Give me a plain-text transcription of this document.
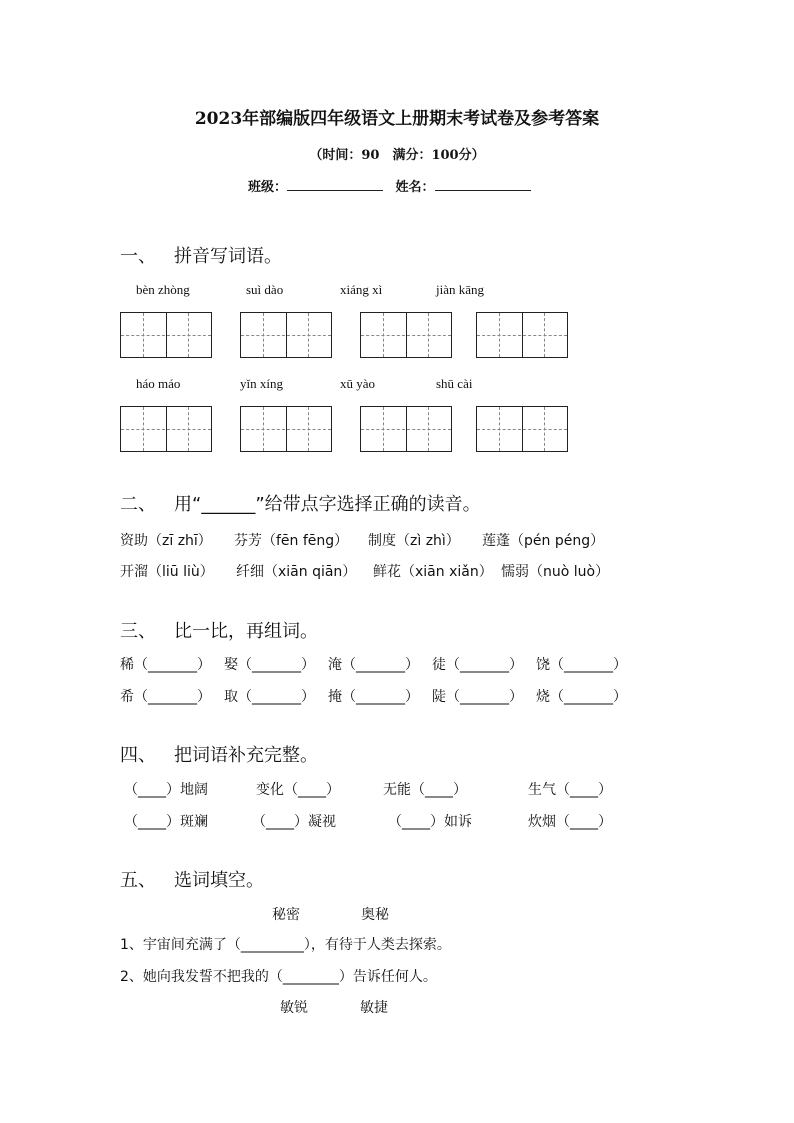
2023年部编版四年级语文上册期末考试卷及参考答案
（时间：90　满分：100分）
班级：	姓名：
一、 拼音写词语。
bèn zhòng	suì dào	xiáng xì	jiàn kāng
háo máo	yǐn xíng	xū yào	shū cài
二、 用“______”给带点字选择正确的读音。
资助（zī zhī） 芬芳（fēn fēng） 制度（zì zhì） 莲蓬（pén péng）
开溜（liū liù） 纤细（xiān qiān） 鲜花（xiān xiǎn） 懦弱（nuò luò）
三、 比一比，再组词。
稀（_______） 娶（_______） 淹（_______） 徒（_______） 饶（_______）
希（_______） 取（_______） 掩（_______） 陡（_______） 烧（_______）
四、 把词语补充完整。
（____）地阔	变化（____）	无能（____）	生气（____）
（____）斑斓	（____）凝视	（____）如诉	炊烟（____）
五、 选词填空。
秘密	奥秘
1、宇宙间充满了（_________），有待于人类去探索。
2、她向我发誓不把我的（________）告诉任何人。
敏锐	敏捷
